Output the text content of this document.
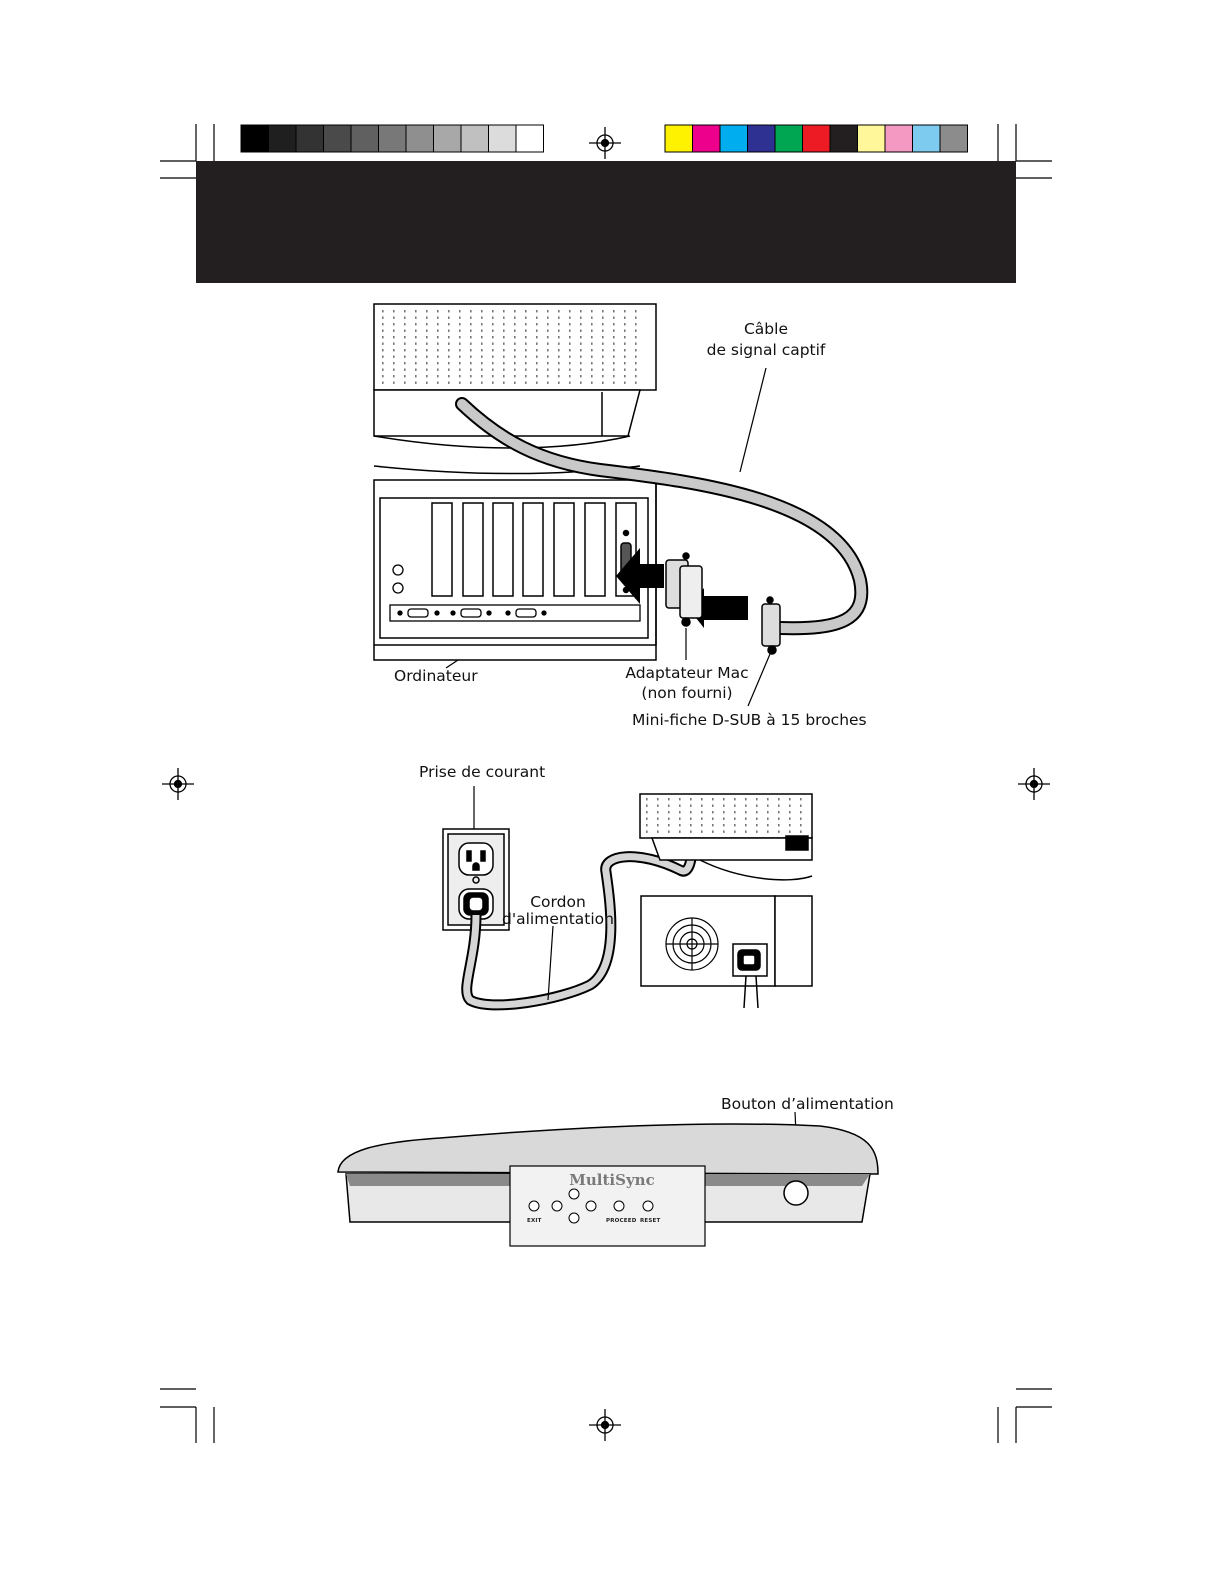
Câble
de signal captif
Ordinateur	Adaptateur Mac
(non fourni)
Mini-fiche D-SUB à 15 broches
Prise de courant
Cordon
d'alimentation
Bouton d’alimentation
MultiSync
EXIT	PROCEED RESET
